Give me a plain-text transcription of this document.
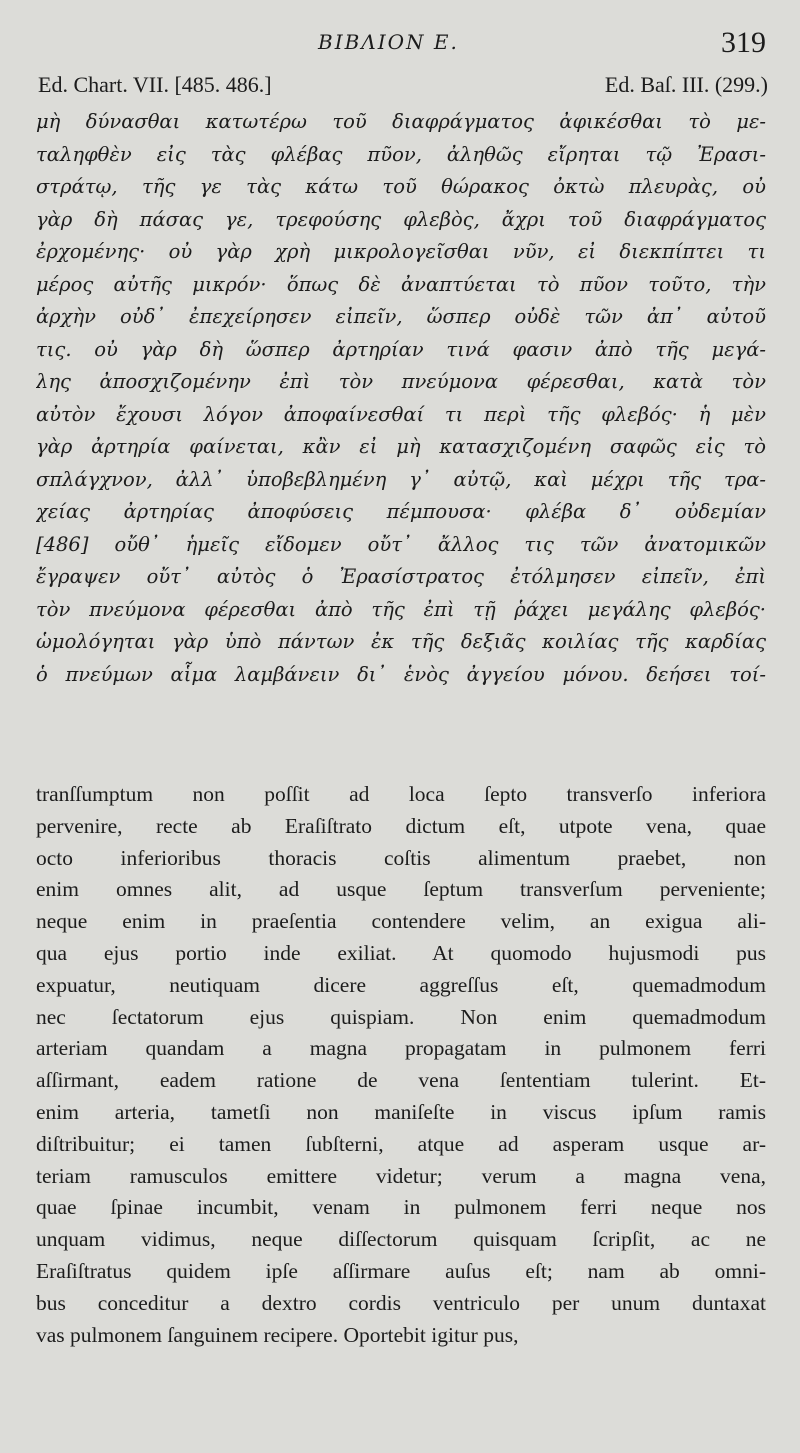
BIBΛION E.	319
Ed. Chart. VII. [485. 486.]	Ed. Baſ. III. (299.)
μὴ δύνασθαι κατωτέρω τοῦ διαφράγματος ἀφικέσθαι τὸ με-
ταληφθὲν εἰς τὰς φλέβας πῦον, ἀληθῶς εἴρηται τῷ Ἐρασι-
στράτῳ, τῆς γε τὰς κάτω τοῦ θώρακος ὀκτὼ πλευρὰς, οὐ
γὰρ δὴ πάσας γε, τρεφούσης φλεβὸς, ἄχρι τοῦ διαφράγματος
ἐρχομένης· οὐ γὰρ χρὴ μικρολογεῖσθαι νῦν, εἰ διεκπίπτει τι
μέρος αὐτῆς μικρόν· ὅπως δὲ ἀναπτύεται τὸ πῦον τοῦτο, τὴν
ἀρχὴν οὐδ᾽ ἐπεχείρησεν εἰπεῖν, ὥσπερ οὐδὲ τῶν ἀπ᾽ αὐτοῦ
τις. οὐ γὰρ δὴ ὥσπερ ἀρτηρίαν τινά φασιν ἀπὸ τῆς μεγά-
λης ἀποσχιζομένην ἐπὶ τὸν πνεύμονα φέρεσθαι, κατὰ τὸν
αὐτὸν ἔχουσι λόγον ἀποφαίνεσθαί τι περὶ τῆς φλεβός· ἡ μὲν
γὰρ ἀρτηρία φαίνεται, κἂν εἰ μὴ κατασχιζομένη σαφῶς εἰς τὸ
σπλάγχνον, ἀλλ᾽ ὑποβεβλημένη γ᾽ αὐτῷ, καὶ μέχρι τῆς τρα-
χείας ἀρτηρίας ἀποφύσεις πέμπουσα· φλέβα δ᾽ οὐδεμίαν
[486] οὔθ᾽ ἡμεῖς εἴδομεν οὔτ᾽ ἄλλος τις τῶν ἀνατομικῶν
ἔγραψεν οὔτ᾽ αὐτὸς ὁ Ἐρασίστρατος ἐτόλμησεν εἰπεῖν, ἐπὶ
τὸν πνεύμονα φέρεσθαι ἀπὸ τῆς ἐπὶ τῇ ῥάχει μεγάλης φλεβός·
ὡμολόγηται γὰρ ὑπὸ πάντων ἐκ τῆς δεξιᾶς κοιλίας τῆς καρδίας
ὁ πνεύμων αἷμα λαμβάνειν δι᾽ ἑνὸς ἀγγείου μόνου. δεήσει τοί-
tranſſumptum non poſſit ad loca ſepto transverſo inferiora
pervenire, recte ab Eraſiſtrato dictum eſt, utpote vena, quae
octo inferioribus thoracis coſtis alimentum praebet, non
enim omnes alit, ad usque ſeptum transverſum perveniente;
neque enim in praeſentia contendere velim, an exigua ali-
qua ejus portio inde exiliat. At quomodo hujusmodi pus
expuatur, neutiquam dicere aggreſſus eſt, quemadmodum
nec ſectatorum ejus quispiam. Non enim quemadmodum
arteriam quandam a magna propagatam in pulmonem ferri
aſſirmant, eadem ratione de vena ſententiam tulerint. Et-
enim arteria, tametſi non maniſeſte in viscus ipſum ramis
diſtribuitur; ei tamen ſubſterni, atque ad asperam usque ar-
teriam ramusculos emittere videtur; verum a magna vena,
quae ſpinae incumbit, venam in pulmonem ferri neque nos
unquam vidimus, neque diſſectorum quisquam ſcripſit, ac ne
Eraſiſtratus quidem ipſe aſſirmare auſus eſt; nam ab omni-
bus conceditur a dextro cordis ventriculo per unum duntaxat
vas pulmonem ſanguinem recipere. Oportebit igitur pus,
